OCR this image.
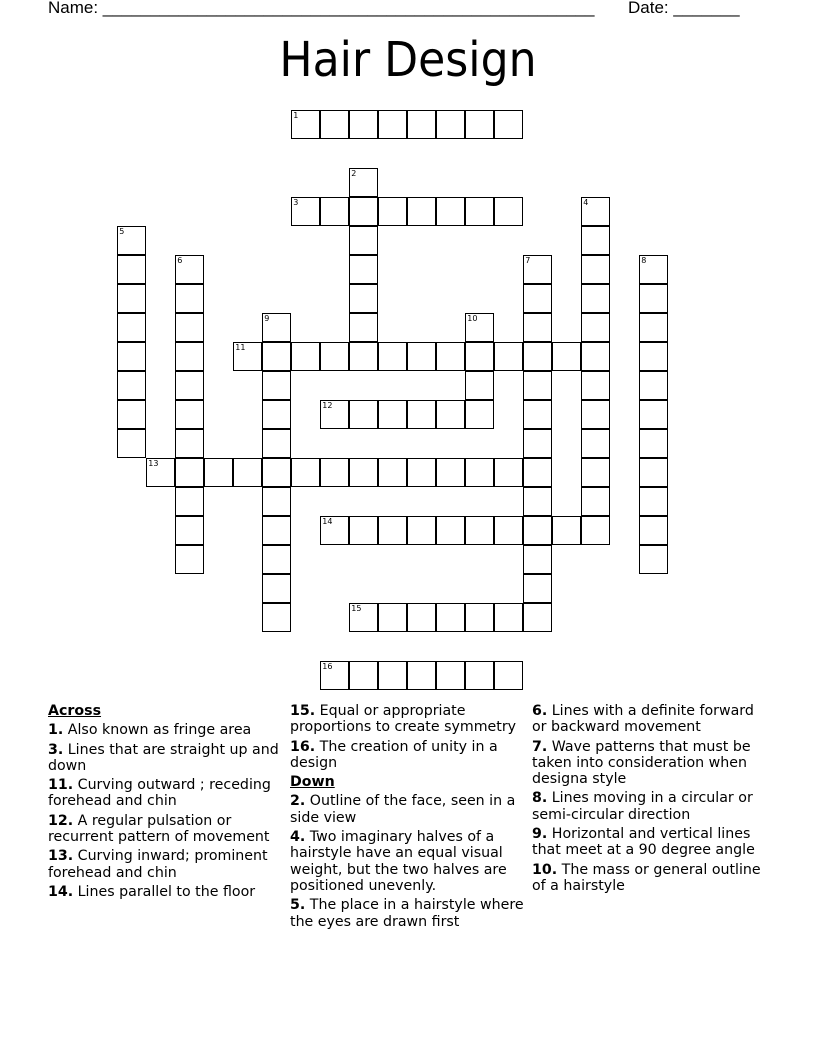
Name: ____________________________________________________ Date: _______
Hair Design
1
2
3	4
5
6	7	8
9	10
11
12
13
14
15
16
Across
1. Also known as fringe area
3. Lines that are straight up and down
11. Curving outward ; receding forehead and chin
12. A regular pulsation or recurrent pattern of movement
13. Curving inward; prominent forehead and chin
14. Lines parallel to the floor
15. Equal or appropriate proportions to create symmetry
16. The creation of unity in a design
Down
2. Outline of the face, seen in a side view
4. Two imaginary halves of a hairstyle have an equal visual weight, but the two halves are positioned unevenly.
5. The place in a hairstyle where the eyes are drawn first
6. Lines with a definite forward or backward movement
7. Wave patterns that must be taken into consideration when designa style
8. Lines moving in a circular or semi-circular direction
9. Horizontal and vertical lines that meet at a 90 degree angle
10. The mass or general outline of a hairstyle
